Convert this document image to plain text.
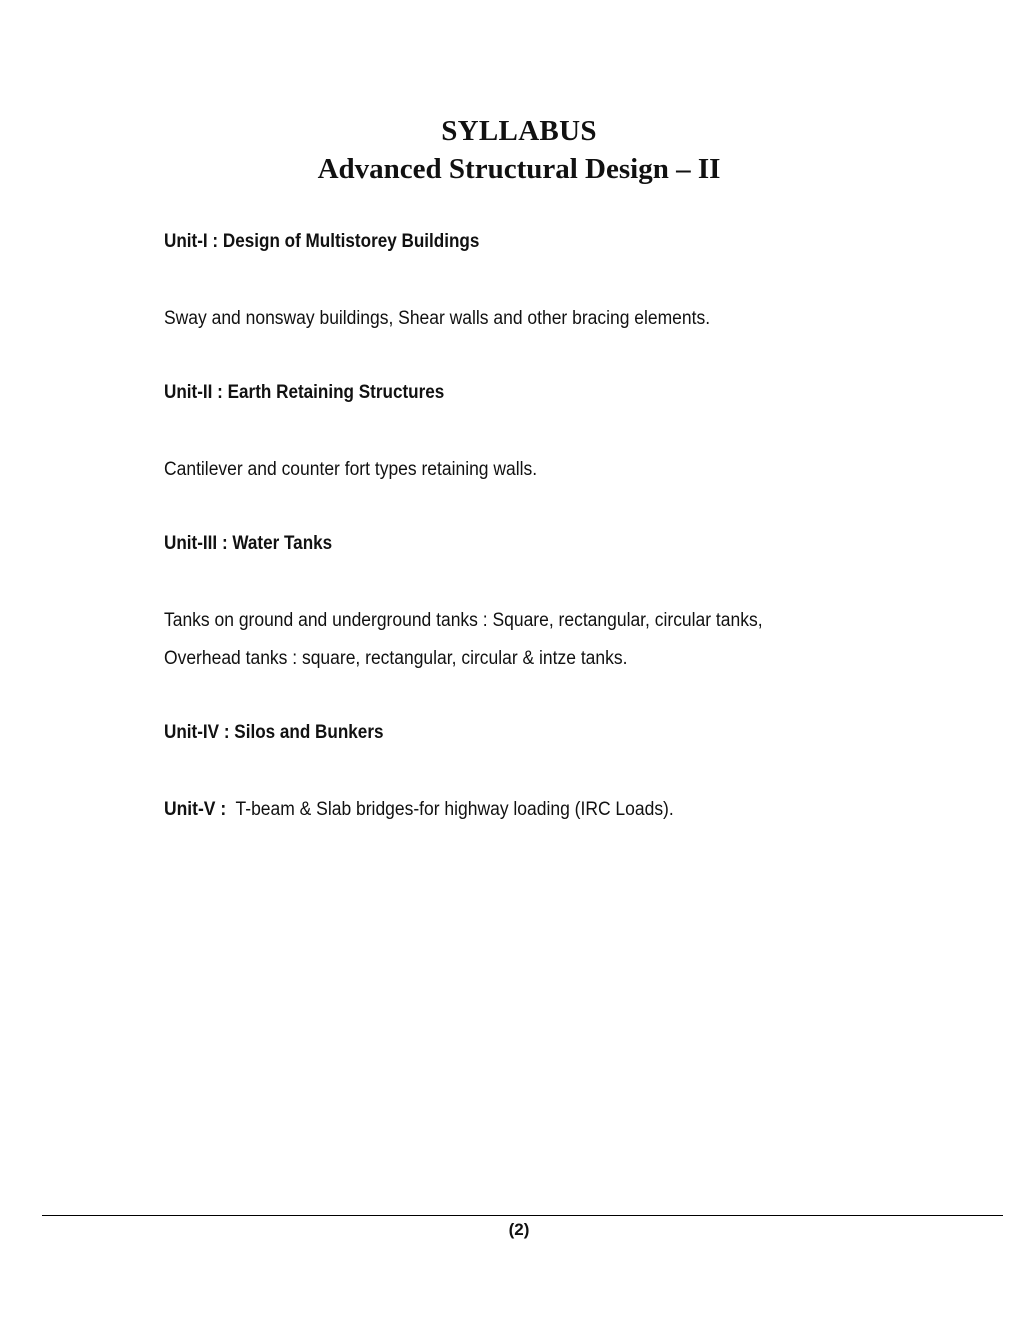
SYLLABUS
Advanced Structural Design – II

Unit-I : Design of Multistorey Buildings

Sway and nonsway buildings, Shear walls and other bracing elements.

Unit-II : Earth Retaining Structures

Cantilever and counter fort types retaining walls.

Unit-III : Water Tanks

Tanks on ground and underground tanks : Square, rectangular, circular tanks,

Overhead tanks : square, rectangular, circular & intze tanks.

Unit-IV : Silos and Bunkers

Unit-V : T-beam & Slab bridges-for highway loading (IRC Loads).

(2)
